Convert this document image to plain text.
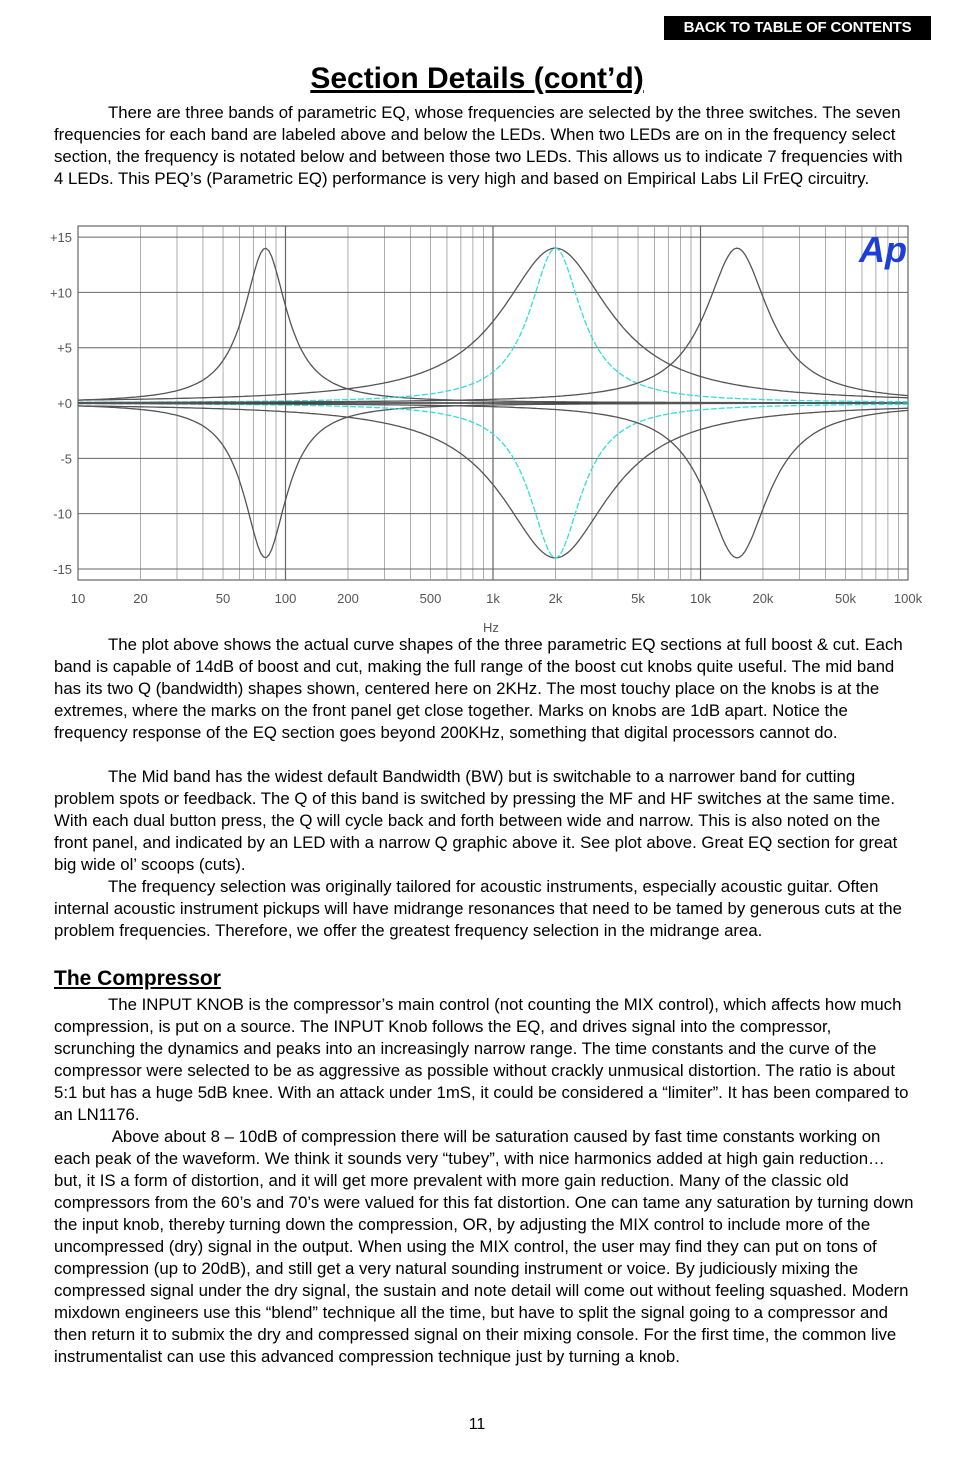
BACK TO TABLE OF CONTENTS
Section Details (cont’d)

There are three bands of parametric EQ, whose frequencies are selected by the three switches. The seven frequencies for each band are labeled above and below the LEDs. When two LEDs are on in the frequency select section, the frequency is notated below and between those two LEDs. This allows us to indicate 7 frequencies with 4 LEDs. This PEQ’s (Parametric EQ) performance is very high and based on Empirical Labs Lil FrEQ circuitry.

+15
+10
+5
+0
-5
-10
-15
10	20	50	100	200	500	1k	2k	5k	10k	20k	50k	100k
Hz
Ap

The plot above shows the actual curve shapes of the three parametric EQ sections at full boost & cut. Each band is capable of 14dB of boost and cut, making the full range of the boost cut knobs quite useful. The mid band has its two Q (bandwidth) shapes shown, centered here on 2KHz. The most touchy place on the knobs is at the extremes, where the marks on the front panel get close together. Marks on knobs are 1dB apart. Notice the frequency response of the EQ section goes beyond 200KHz, something that digital processors cannot do.

The Mid band has the widest default Bandwidth (BW) but is switchable to a narrower band for cutting problem spots or feedback. The Q of this band is switched by pressing the MF and HF switches at the same time. With each dual button press, the Q will cycle back and forth between wide and narrow. This is also noted on the front panel, and indicated by an LED with a narrow Q graphic above it. See plot above. Great EQ section for great big wide ol’ scoops (cuts).

The frequency selection was originally tailored for acoustic instruments, especially acoustic guitar. Often internal acoustic instrument pickups will have midrange resonances that need to be tamed by generous cuts at the problem frequencies. Therefore, we offer the greatest frequency selection in the midrange area.

The Compressor

The INPUT KNOB is the compressor’s main control (not counting the MIX control), which affects how much compression, is put on a source. The INPUT Knob follows the EQ, and drives signal into the compressor, scrunching the dynamics and peaks into an increasingly narrow range. The time constants and the curve of the compressor were selected to be as aggressive as possible without crackly unmusical distortion. The ratio is about 5:1 but has a huge 5dB knee. With an attack under 1mS, it could be considered a “limiter”. It has been compared to an LN1176.

Above about 8 – 10dB of compression there will be saturation caused by fast time constants working on each peak of the waveform. We think it sounds very “tubey”, with nice harmonics added at high gain reduction… but, it IS a form of distortion, and it will get more prevalent with more gain reduction. Many of the classic old compressors from the 60’s and 70’s were valued for this fat distortion. One can tame any saturation by turning down the input knob, thereby turning down the compression, OR, by adjusting the MIX control to include more of the uncompressed (dry) signal in the output. When using the MIX control, the user may find they can put on tons of compression (up to 20dB), and still get a very natural sounding instrument or voice. By judiciously mixing the compressed signal under the dry signal, the sustain and note detail will come out without feeling squashed. Modern mixdown engineers use this “blend” technique all the time, but have to split the signal going to a compressor and then return it to submix the dry and compressed signal on their mixing console. For the first time, the common live instrumentalist can use this advanced compression technique just by turning a knob.

11
